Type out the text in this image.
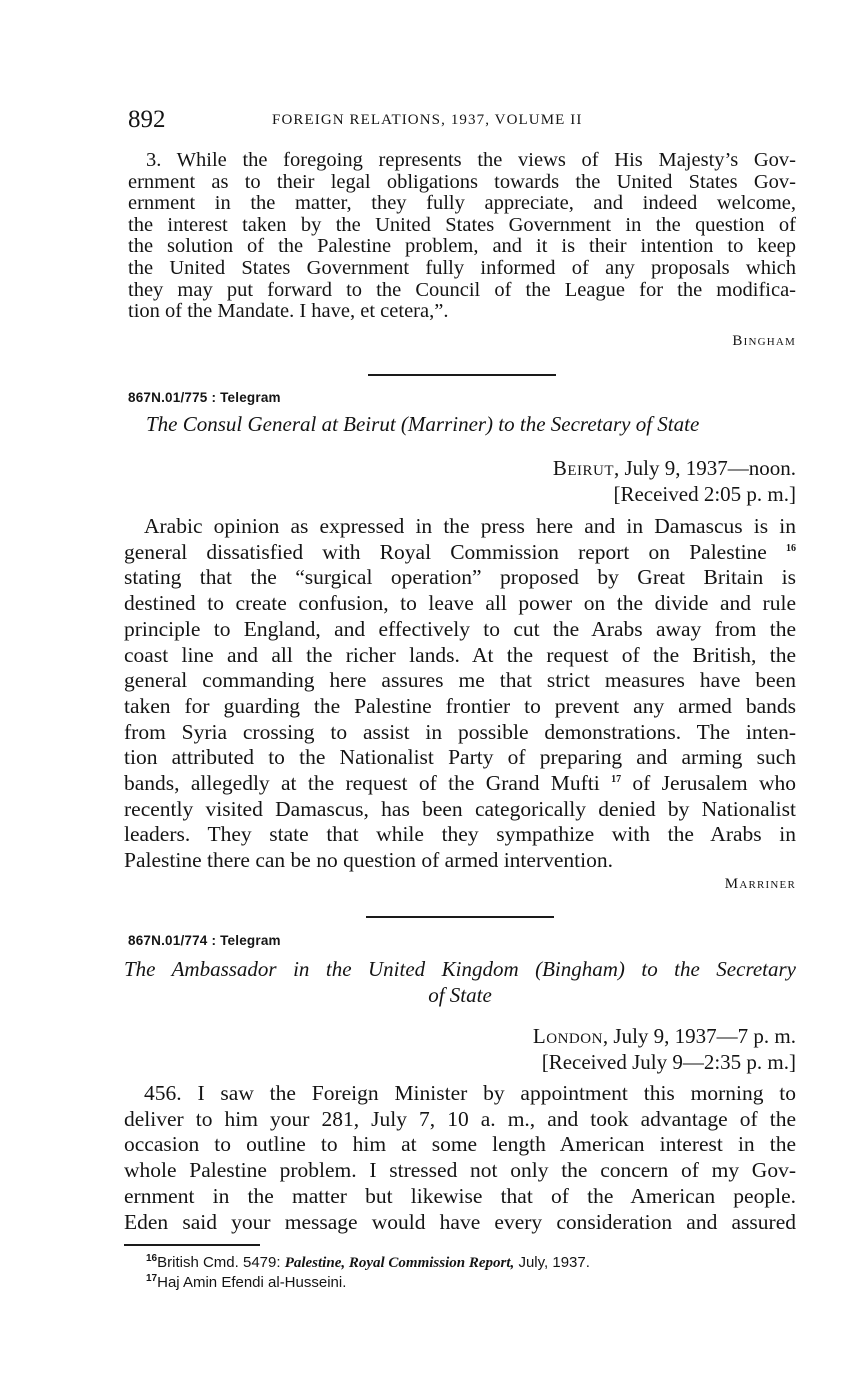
892	FOREIGN RELATIONS, 1937, VOLUME II
3. While the foregoing represents the views of His Majesty’s Gov-
ernment as to their legal obligations towards the United States Gov-
ernment in the matter, they fully appreciate, and indeed welcome,
the interest taken by the United States Government in the question of
the solution of the Palestine problem, and it is their intention to keep
the United States Government fully informed of any proposals which
they may put forward to the Council of the League for the modifica-
tion of the Mandate. I have, et cetera,”.
Bingham
867N.01/775 : Telegram
The Consul General at Beirut (Marriner) to the Secretary of State
Beirut, July 9, 1937—noon.
[Received 2:05 p. m.]
Arabic opinion as expressed in the press here and in Damascus is in
general dissatisfied with Royal Commission report on Palestine $^{16}$
stating that the “surgical operation” proposed by Great Britain is
destined to create confusion, to leave all power on the divide and rule
principle to England, and effectively to cut the Arabs away from the
coast line and all the richer lands. At the request of the British, the
general commanding here assures me that strict measures have been
taken for guarding the Palestine frontier to prevent any armed bands
from Syria crossing to assist in possible demonstrations. The inten-
tion attributed to the Nationalist Party of preparing and arming such
bands, allegedly at the request of the Grand Mufti $^{17}$ of Jerusalem who
recently visited Damascus, has been categorically denied by Nationalist
leaders. They state that while they sympathize with the Arabs in
Palestine there can be no question of armed intervention.
Marriner
867N.01/774 : Telegram
The Ambassador in the United Kingdom (Bingham) to the Secretary
of State
London, July 9, 1937—7 p. m.
[Received July 9—2:35 p. m.]
456. I saw the Foreign Minister by appointment this morning to
deliver to him your 281, July 7, 10 a. m., and took advantage of the
occasion to outline to him at some length American interest in the
whole Palestine problem. I stressed not only the concern of my Gov-
ernment in the matter but likewise that of the American people.
Eden said your message would have every consideration and assured
$^{16}$British Cmd. 5479: Palestine, Royal Commission Report, July, 1937.
$^{17}$Haj Amin Efendi al-Husseini.
